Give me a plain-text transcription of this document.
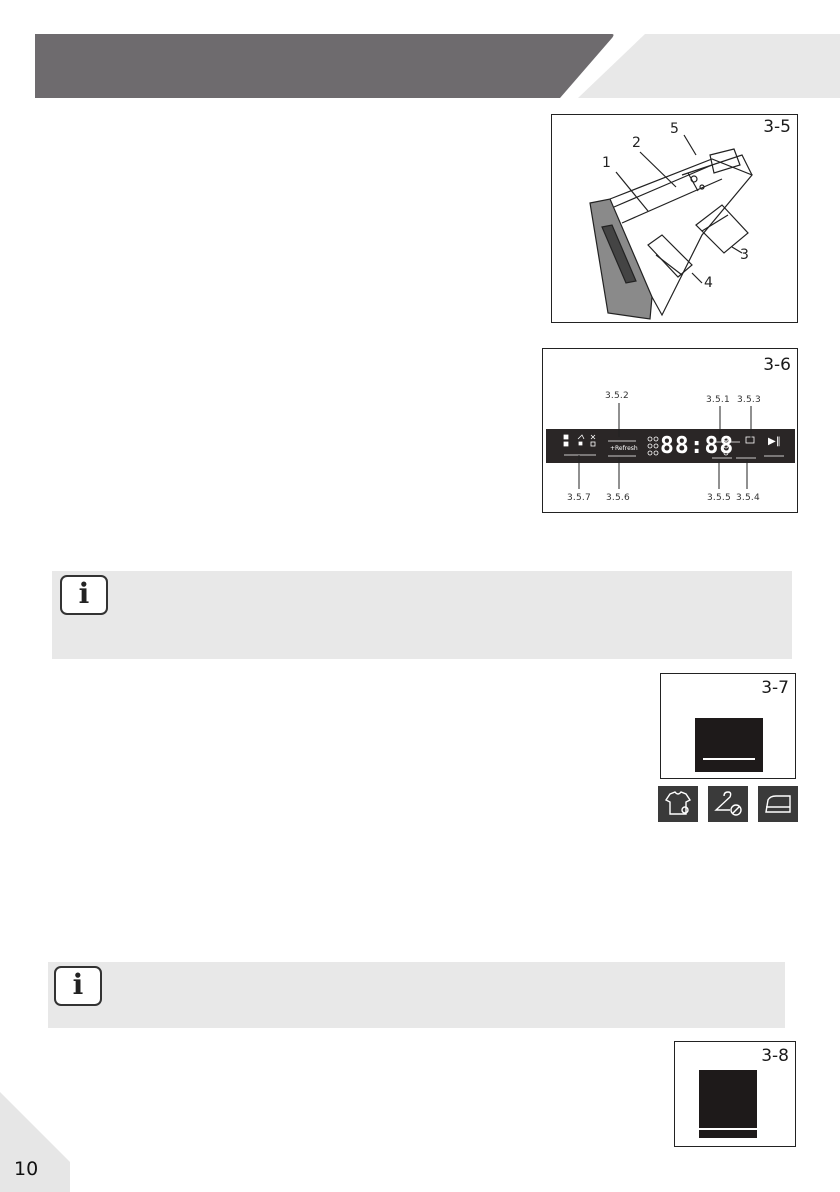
3-5
1
2
3
4
5
3-6
3.5.2	3.5.1 3.5.3
88:88
+Refresh
▶‖
3.5.7 3.5.6	3.5.5 3.5.4
i
3-7
i
3-8
10
